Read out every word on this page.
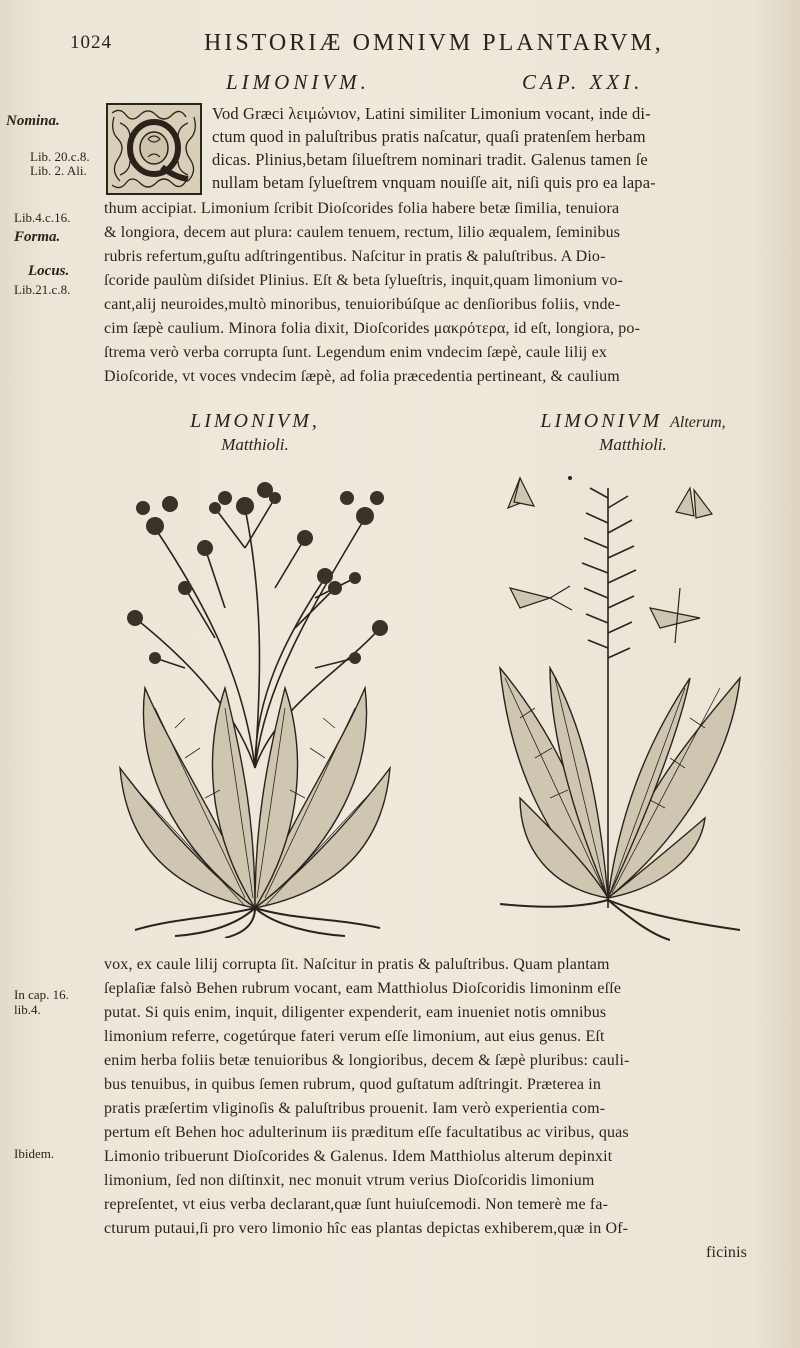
1024	HISTORIÆ OMNIVM PLANTARVM,
LIMONIVM.	CAP. XXI.
Nomina.
Lib. 20.c.8.
Lib. 2. Ali.
Lib.4.c.16.
Forma.
Locus.
Lib.21.c.8.
In cap. 16.
lib.4.
Ibidem.
Vod Græci λειμώνιον, Latini similiter Limonium vocant, inde di-
ctum quod in paluſtribus pratis naſcatur, quaſi pratenſem herbam
dicas. Plinius,betam ſilueſtrem nominari tradit. Galenus tamen ſe
nullam betam ſylueſtrem vnquam nouiſſe ait, niſi quis pro ea lapa-
thum accipiat. Limonium ſcribit Dioſcorides folia habere betæ ſimilia, tenuiora
& longiora, decem aut plura: caulem tenuem, rectum, lilio æqualem, ſeminibus
rubris refertum,guſtu adſtringentibus. Naſcitur in pratis & paluſtribus. A Dio-
ſcoride paulùm diſsidet Plinius. Eſt & beta ſylueſtris, inquit,quam limonium vo-
cant,alij neuroides,multò minoribus, tenuioribúſque ac denſioribus foliis, vnde-
cim ſæpè caulium. Minora folia dixit, Dioſcorides μακρότερα, id eſt, longiora, po-
ſtrema verò verba corrupta ſunt. Legendum enim vndecim ſæpè, caule lilij ex
Dioſcoride, vt voces vndecim ſæpè, ad folia præcedentia pertineant, & caulium
LIMONIVM,
Matthioli.
LIMONIVM Alterum,
Matthioli.
vox, ex caule lilij corrupta ſit. Naſcitur in pratis & paluſtribus. Quam plantam
ſeplaſiæ falsò Behen rubrum vocant, eam Matthiolus Dioſcoridis limoninm eſſe
putat. Si quis enim, inquit, diligenter expenderit, eam inueniet notis omnibus
limonium referre, cogetúrque fateri verum eſſe limonium, aut eius genus. Eſt
enim herba foliis betæ tenuioribus & longioribus, decem & ſæpè pluribus: cauli-
bus tenuibus, in quibus ſemen rubrum, quod guſtatum adſtringit. Præterea in
pratis præſertim vliginoſis & paluſtribus prouenit. Iam verò experientia com-
pertum eſt Behen hoc adulterinum iis præditum eſſe facultatibus ac viribus, quas
Limonio tribuerunt Dioſcorides & Galenus. Idem Matthiolus alterum depinxit
limonium, ſed non diſtinxit, nec monuit vtrum verius Dioſcoridis limonium
repreſentet, vt eius verba declarant,quæ ſunt huiuſcemodi. Non temerè me fa-
cturum putaui,ſi pro vero limonio hîc eas plantas depictas exhiberem,quæ in Of-
ficinis
